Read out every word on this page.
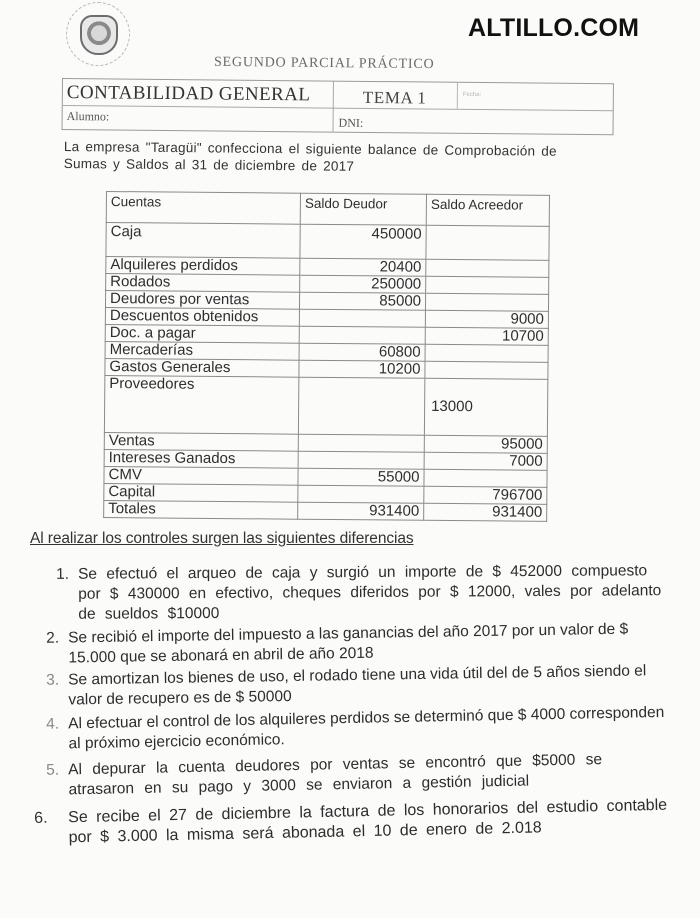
ALTILLO.COM
SEGUNDO PARCIAL PRÁCTICO
CONTABILIDAD GENERAL	TEMA 1	Fecha:
Alumno:	DNI:
La empresa "Taragüi" confecciona el siguiente balance de Comprobación de Sumas y Saldos al 31 de diciembre de 2017
Cuentas	Saldo Deudor	Saldo Acreedor
Caja	450000	
Alquileres perdidos	20400	
Rodados	250000	
Deudores por ventas	85000	
Descuentos obtenidos		9000
Doc. a pagar		10700
Mercaderías	60800	
Gastos Generales	10200	
Proveedores		13000
Ventas		95000
Intereses Ganados		7000
CMV	55000	
Capital		796700
Totales	931400	931400
Al realizar los controles surgen las siguientes diferencias
1. Se efectuó el arqueo de caja y surgió un importe de $ 452000 compuesto por $ 430000 en efectivo, cheques diferidos por $ 12000, vales por adelanto de sueldos $10000
2. Se recibió el importe del impuesto a las ganancias del año 2017 por un valor de $ 15.000 que se abonará en abril de año 2018
3. Se amortizan los bienes de uso, el rodado tiene una vida útil del de 5 años siendo el valor de recupero es de $ 50000
4. Al efectuar el control de los alquileres perdidos se determinó que $ 4000 corresponden al próximo ejercicio económico.
5. Al depurar la cuenta deudores por ventas se encontró que $5000 se atrasaron en su pago y 3000 se enviaron a gestión judicial
6. Se recibe el 27 de diciembre la factura de los honorarios del estudio contable por $ 3.000 la misma será abonada el 10 de enero de 2.018
